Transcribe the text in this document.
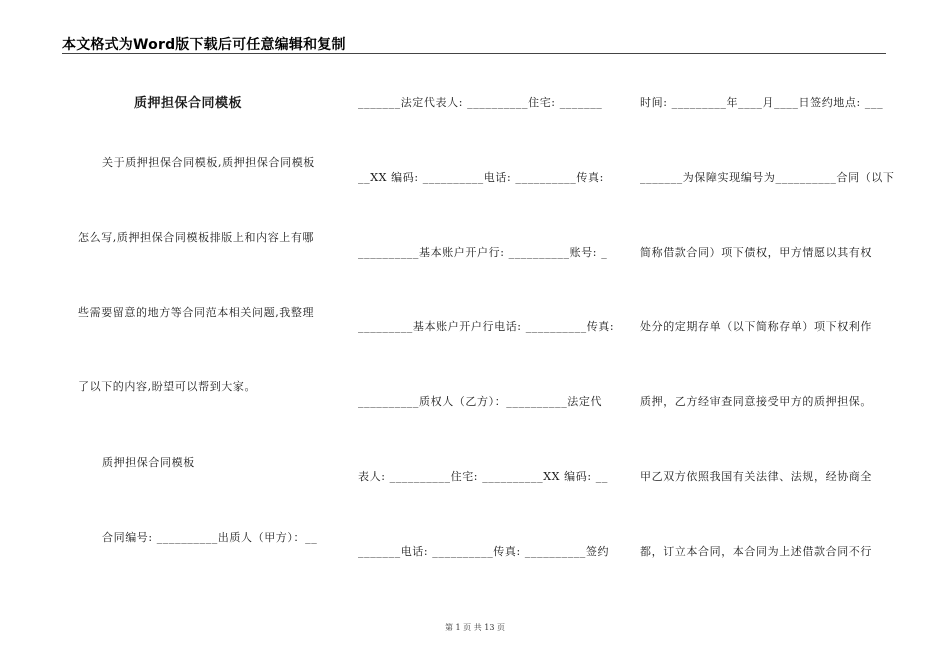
本文格式为Word版下载后可任意编辑和复制
质押担保合同模板
关于质押担保合同模板,质押担保合同模板
怎么写,质押担保合同模板排版上和内容上有哪
些需要留意的地方等合同范本相关问题,我整理
了以下的内容,盼望可以帮到大家。
质押担保合同模板
合同编号: __________出质人（甲方）：__
_______法定代表人: __________住宅: _______
__XX 编码: __________电话: __________传真:
__________基本账户开户行: __________账号: _
_________基本账户开户行电话: __________传真:
__________质权人（乙方）：__________法定代
表人: __________住宅: __________XX 编码: __
_______电话: __________传真: __________签约
时间: _________年____月____日签约地点: ___
_______为保障实现编号为__________合同（以下
简称借款合同）项下债权，甲方情愿以其有权
处分的定期存单（以下简称存单）项下权利作
质押，乙方经审查同意接受甲方的质押担保。
甲乙双方依照我国有关法律、法规，经协商全
都，订立本合同，本合同为上述借款合同不行
第 1 页 共 13 页
